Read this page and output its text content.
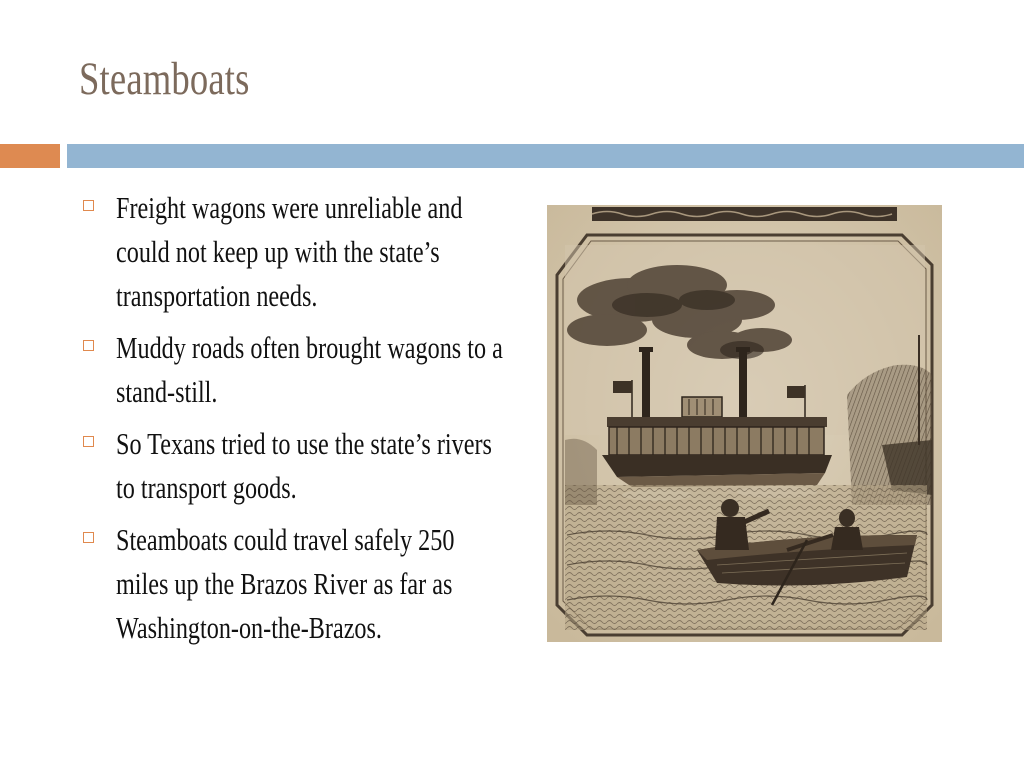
Steamboats
Freight wagons were unreliable and could not keep up with the state’s transportation needs.
Muddy roads often brought wagons to a stand-still.
So Texans tried to use the state’s rivers to transport goods.
Steamboats could travel safely 250 miles up the Brazos River as far as Washington-on-the-Brazos.
